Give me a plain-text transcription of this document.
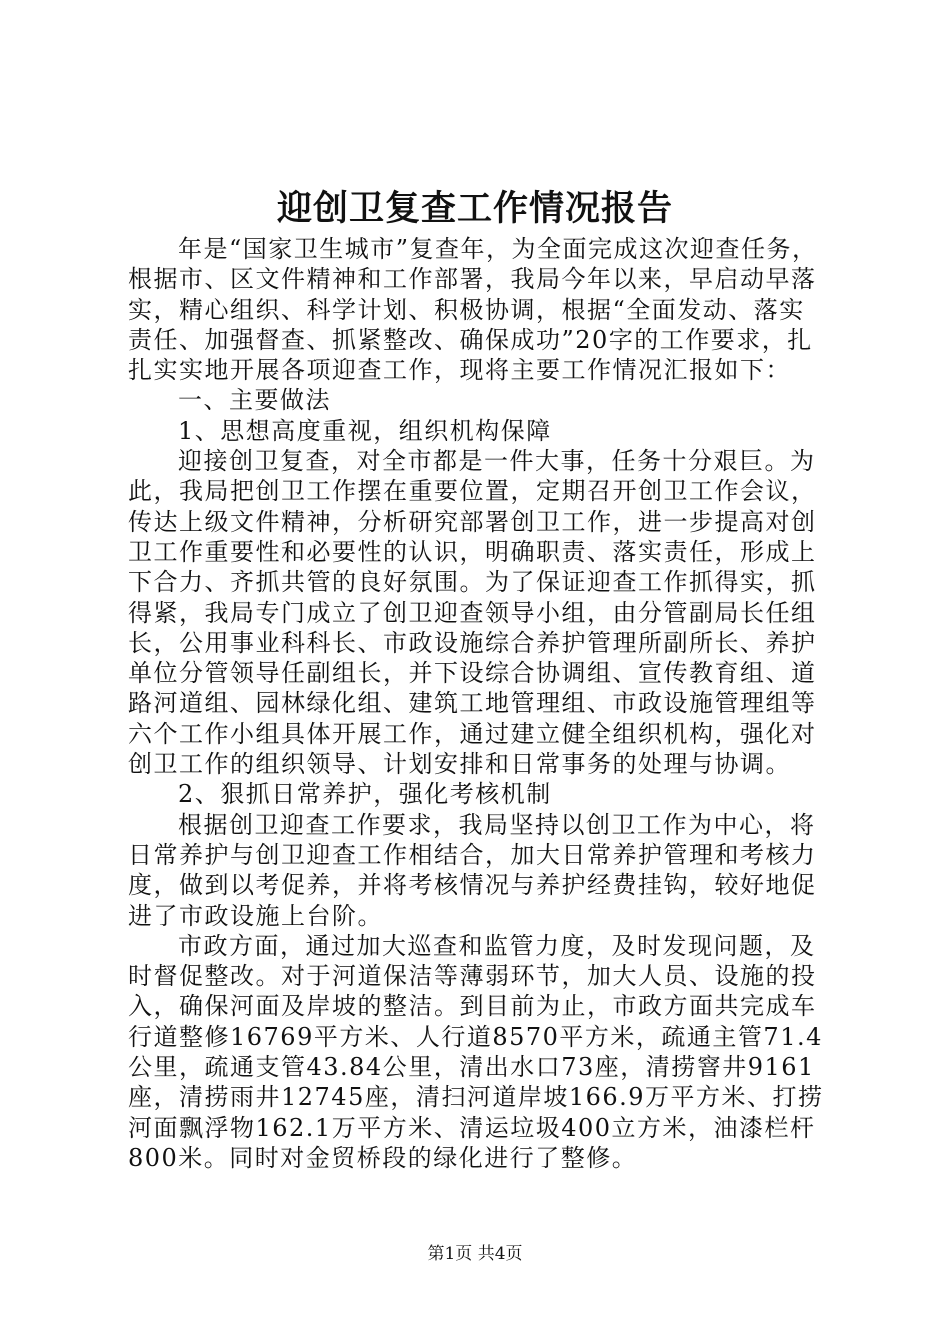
迎创卫复查工作情况报告
年是“国家卫生城市”复查年，为全面完成这次迎查任务，
根据市、区文件精神和工作部署，我局今年以来，早启动早落
实，精心组织、科学计划、积极协调，根据“全面发动、落实
责任、加强督查、抓紧整改、确保成功”20字的工作要求，扎
扎实实地开展各项迎查工作，现将主要工作情况汇报如下：
一、主要做法
1、思想高度重视，组织机构保障
迎接创卫复查，对全市都是一件大事，任务十分艰巨。为
此，我局把创卫工作摆在重要位置，定期召开创卫工作会议，
传达上级文件精神，分析研究部署创卫工作，进一步提高对创
卫工作重要性和必要性的认识，明确职责、落实责任，形成上
下合力、齐抓共管的良好氛围。为了保证迎查工作抓得实，抓
得紧，我局专门成立了创卫迎查领导小组，由分管副局长任组
长，公用事业科科长、市政设施综合养护管理所副所长、养护
单位分管领导任副组长，并下设综合协调组、宣传教育组、道
路河道组、园林绿化组、建筑工地管理组、市政设施管理组等
六个工作小组具体开展工作，通过建立健全组织机构，强化对
创卫工作的组织领导、计划安排和日常事务的处理与协调。
2、狠抓日常养护，强化考核机制
根据创卫迎查工作要求，我局坚持以创卫工作为中心，将
日常养护与创卫迎查工作相结合，加大日常养护管理和考核力
度，做到以考促养，并将考核情况与养护经费挂钩，较好地促
进了市政设施上台阶。
市政方面，通过加大巡查和监管力度，及时发现问题，及
时督促整改。对于河道保洁等薄弱环节，加大人员、设施的投
入，确保河面及岸坡的整洁。到目前为止，市政方面共完成车
行道整修16769平方米、人行道8570平方米，疏通主管71.4
公里，疏通支管43.84公里，清出水口73座，清捞窨井9161
座，清捞雨井12745座，清扫河道岸坡166.9万平方米、打捞
河面飘浮物162.1万平方米、清运垃圾400立方米，油漆栏杆
800米。同时对金贸桥段的绿化进行了整修。
第1页 共4页
